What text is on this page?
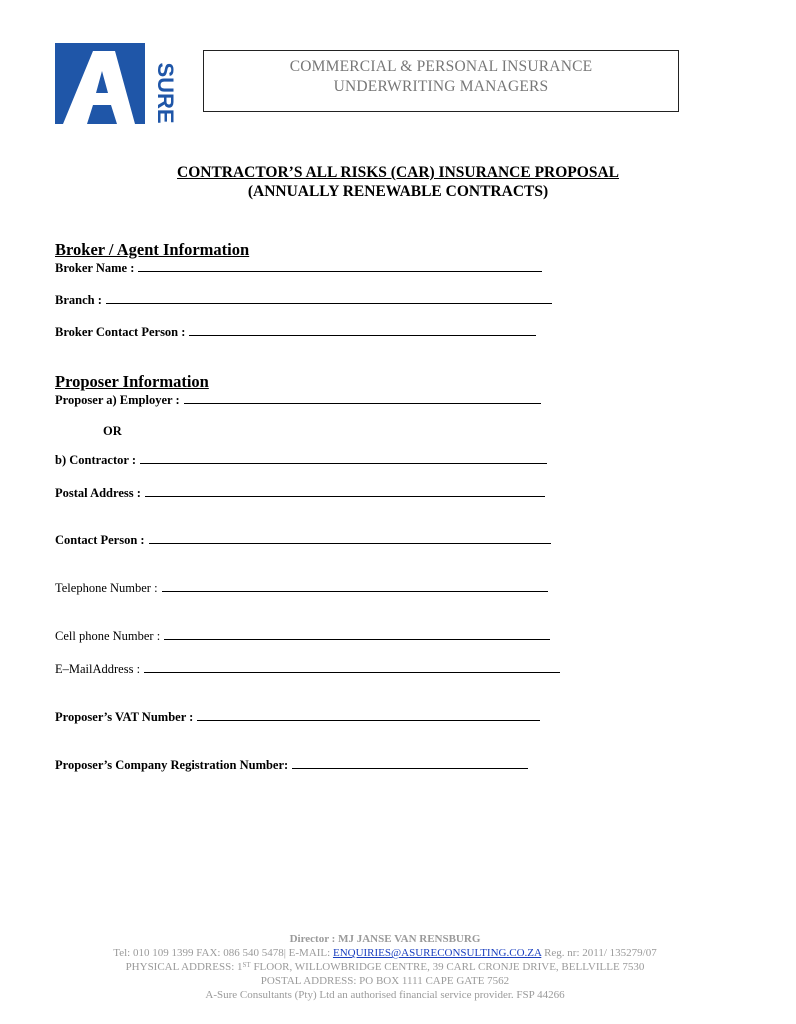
SURE	COMMERCIAL & PERSONAL INSURANCE
UNDERWRITING MANAGERS
CONTRACTOR’S ALL RISKS (CAR) INSURANCE PROPOSAL
(ANNUALLY RENEWABLE CONTRACTS)
Broker / Agent Information
Broker Name :
Branch :
Broker Contact Person :
Proposer Information
Proposer a) Employer :
OR
b) Contractor :
Postal Address :
Contact Person :
Telephone Number :
Cell phone Number :
E–MailAddress :
Proposer’s VAT Number :
Proposer’s Company Registration Number:
Director : MJ JANSE VAN RENSBURG
Tel: 010 109 1399 FAX: 086 540 5478| E-MAIL: ENQUIRIES@ASURECONSULTING.CO.ZA Reg. nr: 2011/ 135279/07
PHYSICAL ADDRESS: 1ST FLOOR, WILLOWBRIDGE CENTRE, 39 CARL CRONJE DRIVE, BELLVILLE 7530
POSTAL ADDRESS: PO BOX 1111 CAPE GATE 7562
A-Sure Consultants (Pty) Ltd an authorised financial service provider. FSP 44266
